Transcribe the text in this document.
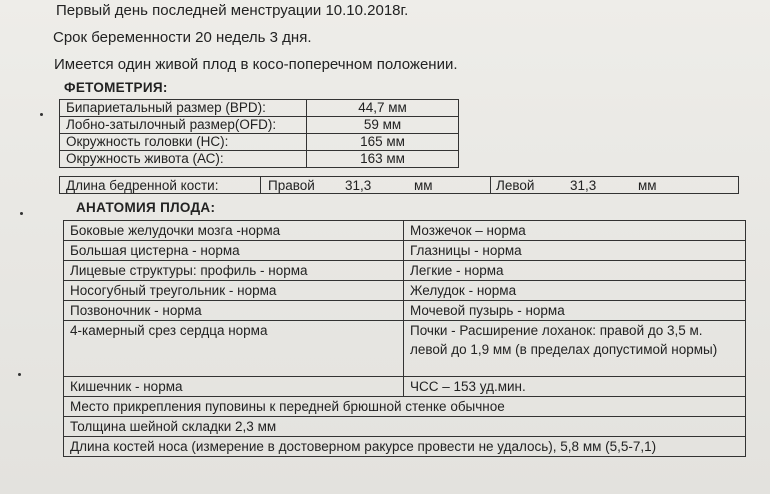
Первый день последней менструации 10.10.2018г.
Срок беременности 20 недель 3 дня.
Имеется один живой плод в косо-поперечном положении.
ФЕТОМЕТРИЯ:
Бипариетальный размер (BPD):	44,7 мм
Лобно-затылочный размер(OFD):	59 мм
Окружность головки (НС):	165 мм
Окружность живота (АС):	163 мм
Длина бедренной кости:	Правой 31,3	мм	Левой	31,3	мм
АНАТОМИЯ ПЛОДА:
Боковые желудочки мозга -норма	Мозжечок – норма
Большая цистерна - норма	Глазницы - норма
Лицевые структуры: профиль - норма	Легкие - норма
Носогубный треугольник - норма	Желудок - норма
Позвоночник - норма	Мочевой пузырь - норма
4-камерный срез сердца норма	Почки - Расширение лоханок: правой до 3,5 м. левой до 1,9 мм (в пределах допустимой нормы)
Кишечник - норма	ЧСС – 153 уд.мин.
Место прикрепления пуповины к передней брюшной стенке обычное	
Толщина шейной складки 2,3 мм	
Длина костей носа (измерение в достоверном ракурсе провести не удалось), 5,8 мм (5,5-7,1)	
